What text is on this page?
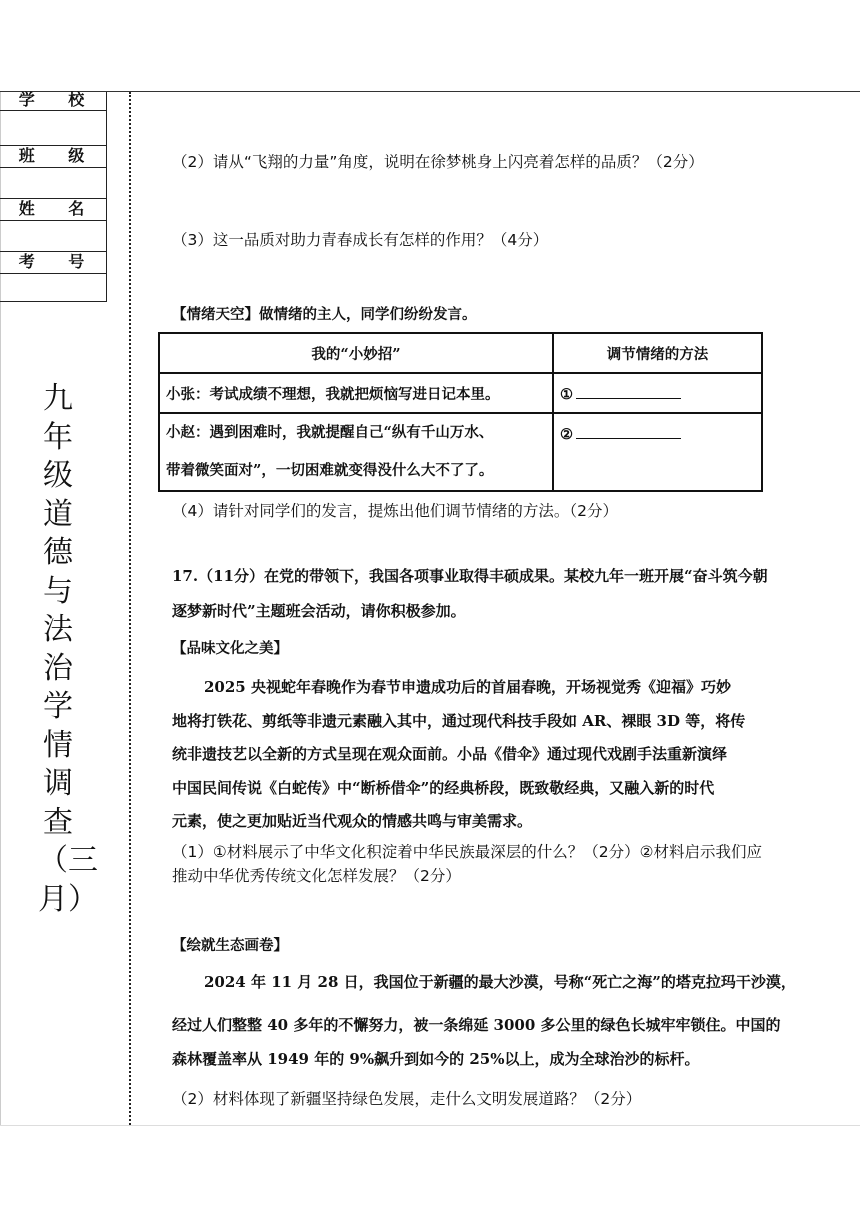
学 校
班 级
姓 名
考 号
九年级道德与法治学情调查（三月）
（2）请从“飞翔的力量”角度，说明在徐梦桃身上闪亮着怎样的品质？（2分）
（3）这一品质对助力青春成长有怎样的作用？（4分）
【情绪天空】做情绪的主人，同学们纷纷发言。
我的“小妙招”	调节情绪的方法
小张：考试成绩不理想，我就把烦恼写进日记本里。	①

小赵：遇到困难时，我就提醒自己“纵有千山万水、
带着微笑面对”，一切困难就变得没什么大不了了。	②
（4）请针对同学们的发言，提炼出他们调节情绪的方法。（2分）
17.（11分）在党的带领下，我国各项事业取得丰硕成果。某校九年一班开展“奋斗筑今朝
逐梦新时代”主题班会活动，请你积极参加。
【品味文化之美】
2025 央视蛇年春晚作为春节申遗成功后的首届春晚，开场视觉秀《迎福》巧妙
地将打铁花、剪纸等非遗元素融入其中，通过现代科技手段如 AR、裸眼 3D 等，将传
统非遗技艺以全新的方式呈现在观众面前。小品《借伞》通过现代戏剧手法重新演绎
中国民间传说《白蛇传》中“断桥借伞”的经典桥段，既致敬经典，又融入新的时代
元素，使之更加贴近当代观众的情感共鸣与审美需求。
（1）①材料展示了中华文化积淀着中华民族最深层的什么？（2分）②材料启示我们应
推动中华优秀传统文化怎样发展？（2分）
【绘就生态画卷】
2024 年 11 月 28 日，我国位于新疆的最大沙漠，号称“死亡之海”的塔克拉玛干沙漠，
经过人们整整 40 多年的不懈努力，被一条绵延 3000 多公里的绿色长城牢牢锁住。中国的
森林覆盖率从 1949 年的 9%飙升到如今的 25%以上，成为全球治沙的标杆。
（2）材料体现了新疆坚持绿色发展，走什么文明发展道路？（2分）
